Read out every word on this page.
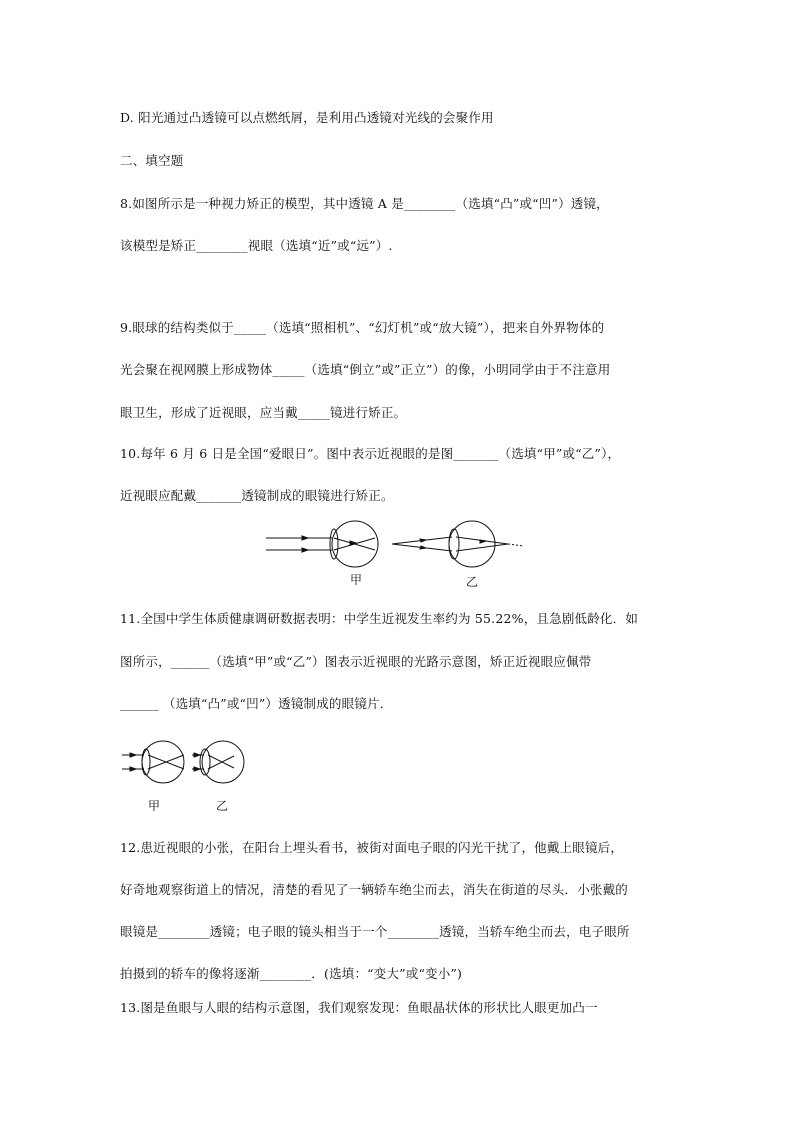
D. 阳光通过凸透镜可以点燃纸屑，是利用凸透镜对光线的会聚作用
二、填空题
8.如图所示是一种视力矫正的模型，其中透镜 A 是________（选填“凸”或“凹”）透镜，
该模型是矫正________视眼（选填“近”或“远”）.
9.眼球的结构类似于_____（选填“照相机”、“幻灯机”或“放大镜”），把来自外界物体的
光会聚在视网膜上形成物体_____（选填“倒立”或”正立”）的像，小明同学由于不注意用
眼卫生，形成了近视眼，应当戴_____镜进行矫正。
10.每年 6 月 6 日是全国“爱眼日”。图中表示近视眼的是图_______（选填“甲”或“乙”），
近视眼应配戴_______透镜制成的眼镜进行矫正。
甲	乙
11.全国中学生体质健康调研数据表明：中学生近视发生率约为 55.22%，且急剧低龄化．如
图所示，______（选填“甲”或“乙”）图表示近视眼的光路示意图，矫正近视眼应佩带
______ （选填“凸”或“凹”）透镜制成的眼镜片．
甲	乙
12.患近视眼的小张，在阳台上埋头看书，被街对面电子眼的闪光干扰了，他戴上眼镜后，
好奇地观察街道上的情况，清楚的看见了一辆轿车绝尘而去，消失在街道的尽头．小张戴的
眼镜是________透镜；电子眼的镜头相当于一个________透镜，当轿车绝尘而去，电子眼所
拍摄到的轿车的像将逐渐________．(选填：“变大”或“变小”)
13.图是鱼眼与人眼的结构示意图，我们观察发现：鱼眼晶状体的形状比人眼更加凸一
